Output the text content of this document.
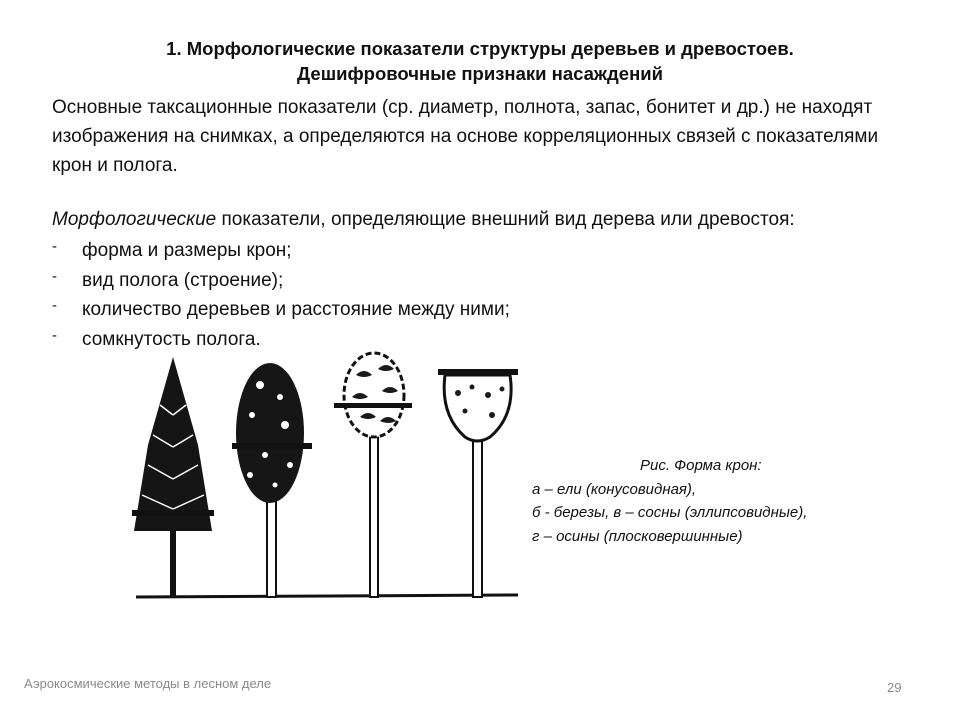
1. Морфологические показатели структуры деревьев и древостоев.
Дешифровочные признаки насаждений

Основные таксационные показатели (ср. диаметр, полнота, запас, бонитет и др.) не находят изображения на снимках, а определяются на основе корреляционных связей с показателями крон и полога.

Морфологические показатели, определяющие внешний вид дерева или древостоя:

- форма и размеры крон;
- вид полога (строение);
- количество деревьев и расстояние между ними;
- сомкнутость полога.
Рис. Форма крон:
а – ели (конусовидная),
б - березы, в – сосны (эллипсовидные),
г – осины (плосковершинные)
Аэрокосмические методы в лесном деле	29
